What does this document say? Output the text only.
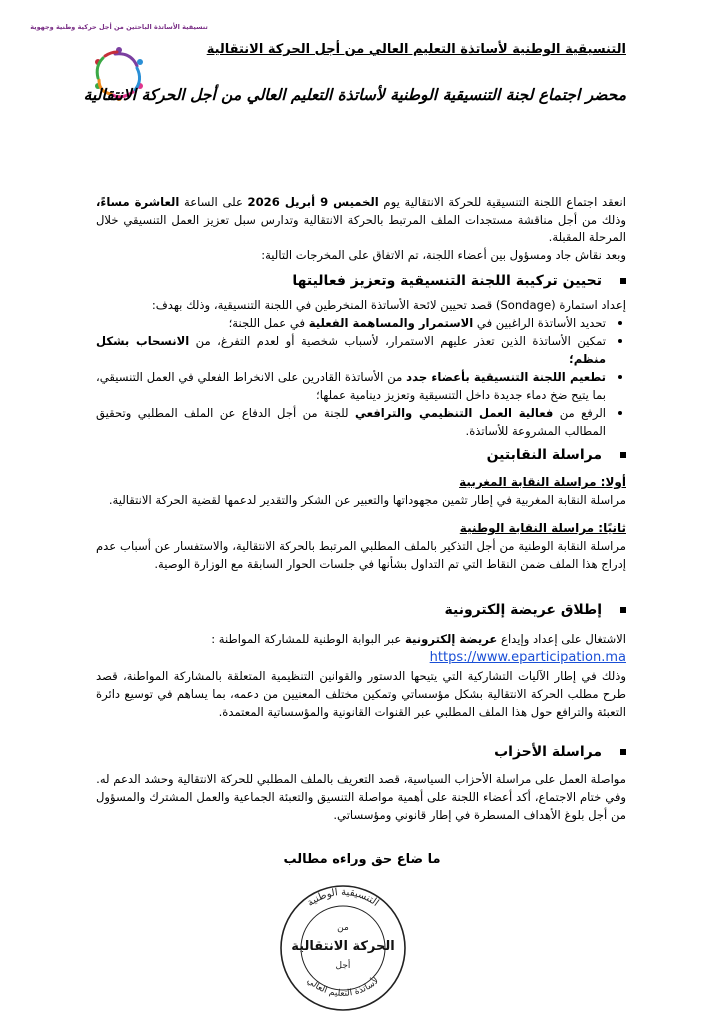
تنسيقية الأساتذة الباحثين من أجل حركية وطنية وجهوية
التنسيقية الوطنية لأساتذة التعليم العالي من أجل الحركة الانتقالية
محضر اجتماع لجنة التنسيقية الوطنية لأساتذة التعليم العالي من أجل الحركة الانتقالية

انعقد اجتماع اللجنة التنسيقية للحركة الانتقالية يوم الخميس 9 أبريل 2026 على الساعة العاشرة مساءً، وذلك من أجل مناقشة مستجدات الملف المرتبط بالحركة الانتقالية وتدارس سبل تعزيز العمل التنسيقي خلال المرحلة المقبلة.

وبعد نقاش جاد ومسؤول بين أعضاء اللجنة، تم الاتفاق على المخرجات التالية:

تحيين تركيبة اللجنة التنسيقية وتعزيز فعاليتها

إعداد استمارة (Sondage) قصد تحيين لائحة الأساتذة المنخرطين في اللجنة التنسيقية، وذلك بهدف:

تحديد الأساتذة الراغبين في الاستمرار والمساهمة الفعلية في عمل اللجنة؛
تمكين الأساتذة الذين تعذر عليهم الاستمرار، لأسباب شخصية أو لعدم التفرغ، من الانسحاب بشكل منظم؛
تطعيم اللجنة التنسيقية بأعضاء جدد من الأساتذة القادرين على الانخراط الفعلي في العمل التنسيقي، بما يتيح ضخ دماء جديدة داخل التنسيقية وتعزيز دينامية عملها؛
الرفع من فعالية العمل التنظيمي والترافعي للجنة من أجل الدفاع عن الملف المطلبي وتحقيق المطالب المشروعة للأساتذة.
مراسلة النقابتين
أولا: مراسلة النقابة المغربية

مراسلة النقابة المغربية في إطار تثمين مجهوداتها والتعبير عن الشكر والتقدير لدعمها لقضية الحركة الانتقالية.

ثانيًا: مراسلة النقابة الوطنية

مراسلة النقابة الوطنية من أجل التذكير بالملف المطلبي المرتبط بالحركة الانتقالية، والاستفسار عن أسباب عدم إدراج هذا الملف ضمن النقاط التي تم التداول بشأنها في جلسات الحوار السابقة مع الوزارة الوصية.

إطلاق عريضة إلكترونية

الاشتغال على إعداد وإيداع عريضة إلكترونية عبر البوابة الوطنية للمشاركة المواطنة :

https://www.eparticipation.ma

وذلك في إطار الآليات التشاركية التي يتيحها الدستور والقوانين التنظيمية المتعلقة بالمشاركة المواطنة، قصد طرح مطلب الحركة الانتقالية بشكل مؤسساتي وتمكين مختلف المعنيين من دعمه، بما يساهم في توسيع دائرة التعبئة والترافع حول هذا الملف المطلبي عبر القنوات القانونية والمؤسساتية المعتمدة.

مراسلة الأحزاب

مواصلة العمل على مراسلة الأحزاب السياسية، قصد التعريف بالملف المطلبي للحركة الانتقالية وحشد الدعم له.

وفي ختام الاجتماع، أكد أعضاء اللجنة على أهمية مواصلة التنسيق والتعبئة الجماعية والعمل المشترك والمسؤول من أجل بلوغ الأهداف المسطرة في إطار قانوني ومؤسساتي.

ما ضاع حق وراءه مطالب
التنسيقية الوطنية
لأساتذة التعليم العالي
من
الحركة الانتقالية
أجل
